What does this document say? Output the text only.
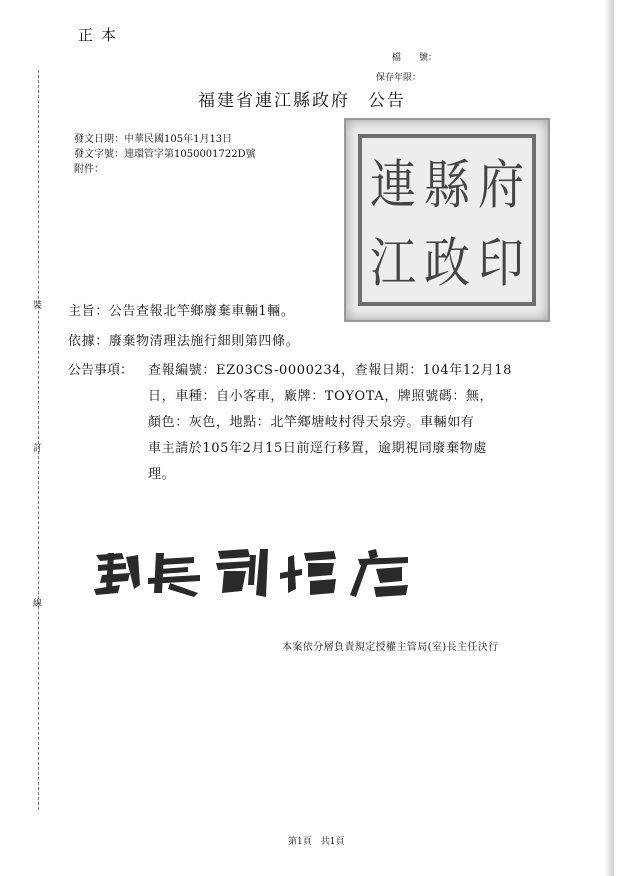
裝
訂
線
正本
檔　　號：
保存年限：
福建省連江縣政府 公告
發文日期：中華民國105年1月13日
發文字號：連環管字第1050001722D號
附件：	連 縣 府
江 政 印
主旨：公告查報北竿鄉廢棄車輛1輛。
依據：廢棄物清理法施行細則第四條。
公告事項： 查報編號：EZ03CS-0000234，查報日期：104年12月18
日，車種：自小客車，廠牌：TOYOTA，牌照號碼：無，
顏色：灰色，地點：北竿鄉塘岐村得天泉旁。車輛如有
車主請於105年2月15日前逕行移置，逾期視同廢棄物處
理。
縣長 劉增應
本案依分層負責規定授權主管局(室)長主任決行
第1頁　共1頁
